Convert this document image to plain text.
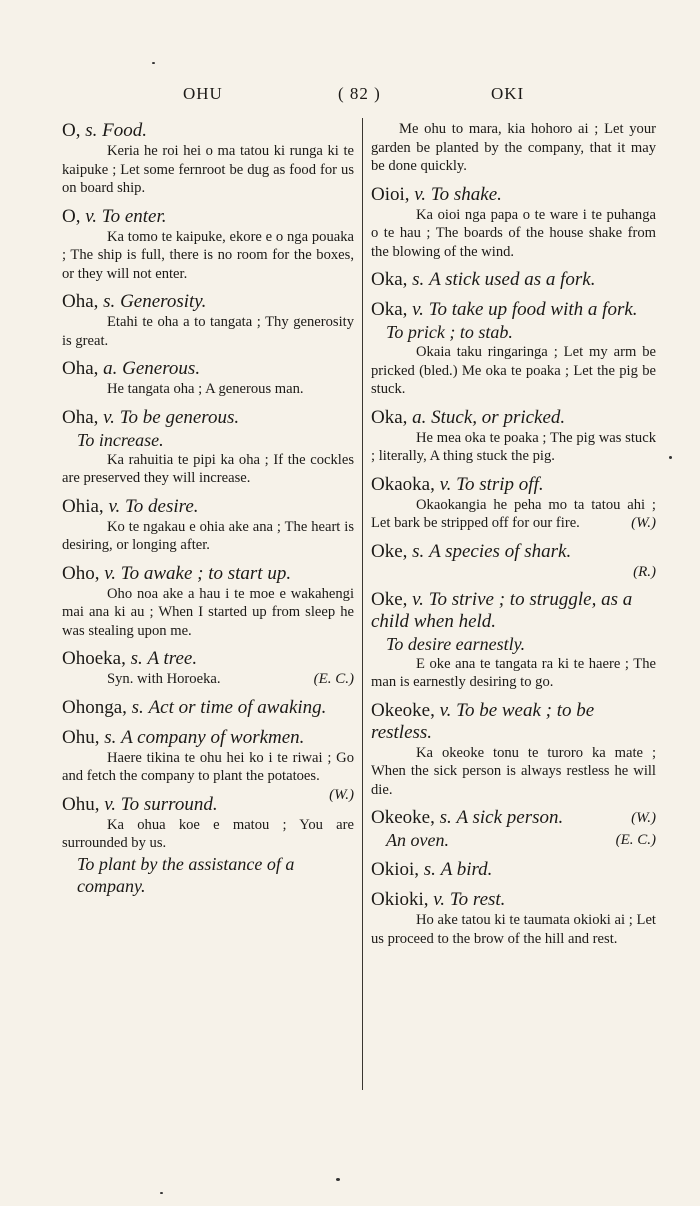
OHU	( 82 )	OKI
O, s. Food.
Keria he roi hei o ma tatou ki runga ki te kaipuke ; Let some fernroot be dug as food for us on board ship.
O, v. To enter.
Ka tomo te kaipuke, ekore e o nga pouaka ; The ship is full, there is no room for the boxes, or they will not enter.
Oha, s. Generosity.
Etahi te oha a to tangata ; Thy generosity is great.
Oha, a. Generous.
He tangata oha ; A generous man.
Oha, v. To be generous.
To increase.
Ka rahuitia te pipi ka oha ; If the cockles are preserved they will increase.
Ohia, v. To desire.
Ko te ngakau e ohia ake ana ; The heart is desiring, or longing after.
Oho, v. To awake ; to start up.
Oho noa ake a hau i te moe e wakahengi mai ana ki au ; When I started up from sleep he was stealing upon me.
Ohoeka, s. A tree.
(E. C.)
Syn. with Horoeka.
Ohonga, s. Act or time of awaking.
Ohu, s. A company of workmen.
Haere tikina te ohu hei ko i te riwai ; Go and fetch the company to plant the potatoes.
(W.)
Ohu, v. To surround.
Ka ohua koe e matou ; You are surrounded by us.
To plant by the assistance of a company.
Me ohu to mara, kia hohoro ai ; Let your garden be planted by the company, that it may be done quickly.
Oioi, v. To shake.
Ka oioi nga papa o te ware i te puhanga o te hau ; The boards of the house shake from the blowing of the wind.
Oka, s. A stick used as a fork.
Oka, v. To take up food with a fork.
To prick ; to stab.
Okaia taku ringaringa ; Let my arm be pricked (bled.) Me oka te poaka ; Let the pig be stuck.
Oka, a. Stuck, or pricked.
He mea oka te poaka ; The pig was stuck ; literally, A thing stuck the pig.
Okaoka, v. To strip off.
Okaokangia he peha mo ta tatou ahi ; Let bark be stripped off for our fire.	(W.)
Oke, s. A species of shark.
(R.)
Oke, v. To strive ; to struggle, as a child when held.
To desire earnestly.
E oke ana te tangata ra ki te haere ; The man is earnestly desiring to go.
Okeoke, v. To be weak ; to be restless.
Ka okeoke tonu te turoro ka mate ; When the sick person is always restless he will die.
Okeoke, s. A sick person.	(W.)
(E. C.)
An oven.
Okioi, s. A bird.
Okioki, v. To rest.
Ho ake tatou ki te taumata okioki ai ; Let us proceed to the brow of the hill and rest.
